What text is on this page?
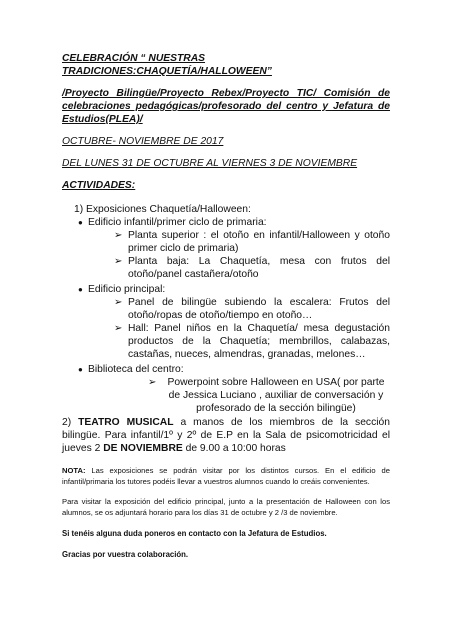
CELEBRACIÓN “ NUESTRAS TRADICIONES:CHAQUETÍA/HALLOWEEN”

/Proyecto Bilingüe/Proyecto Rebex/Proyecto TIC/ Comisión de celebraciones pedagógicas/profesorado del centro y Jefatura de Estudios(PLEA)/

OCTUBRE- NOVIEMBRE DE 2017

DEL LUNES 31 DE OCTUBRE AL VIERNES 3 DE NOVIEMBRE

ACTIVIDADES:

1) Exposiciones Chaquetía/Halloween:

● Edificio infantil/primer ciclo de primaria:

➢ Planta superior : el otoño en infantil/Halloween y otoño primer ciclo de primaria)

➢ Planta baja: La Chaquetía, mesa con frutos del otoño/panel castañera/otoño

● Edificio principal:

➢ Panel de bilingüe subiendo la escalera: Frutos del otoño/ropas de otoño/tiempo en otoño…

➢ Hall: Panel niños en la Chaquetía/ mesa degustación productos de la Chaquetía; membrillos, calabazas, castañas, nueces, almendras, granadas, melones…

● Biblioteca del centro:

➢ Powerpoint sobre Halloween en USA( por parte de Jessica Luciano , auxiliar de conversación y profesorado de la sección bilingüe)

2) TEATRO MUSICAL a manos de los miembros de la sección bilingüe. Para infantil/1º y 2º de E.P en la Sala de psicomotricidad el jueves 2 DE NOVIEMBRE de 9.00 a 10:00 horas

NOTA: Las exposiciones se podrán visitar por los distintos cursos. En el edificio de infantil/primaria los tutores podéis llevar a vuestros alumnos cuando lo creáis convenientes.

Para visitar la exposición del edificio principal, junto a la presentación de Halloween con los alumnos, se os adjuntará horario para los días 31 de octubre y 2 /3 de noviembre.

Si tenéis alguna duda poneros en contacto con la Jefatura de Estudios.

Gracias por vuestra colaboración.
